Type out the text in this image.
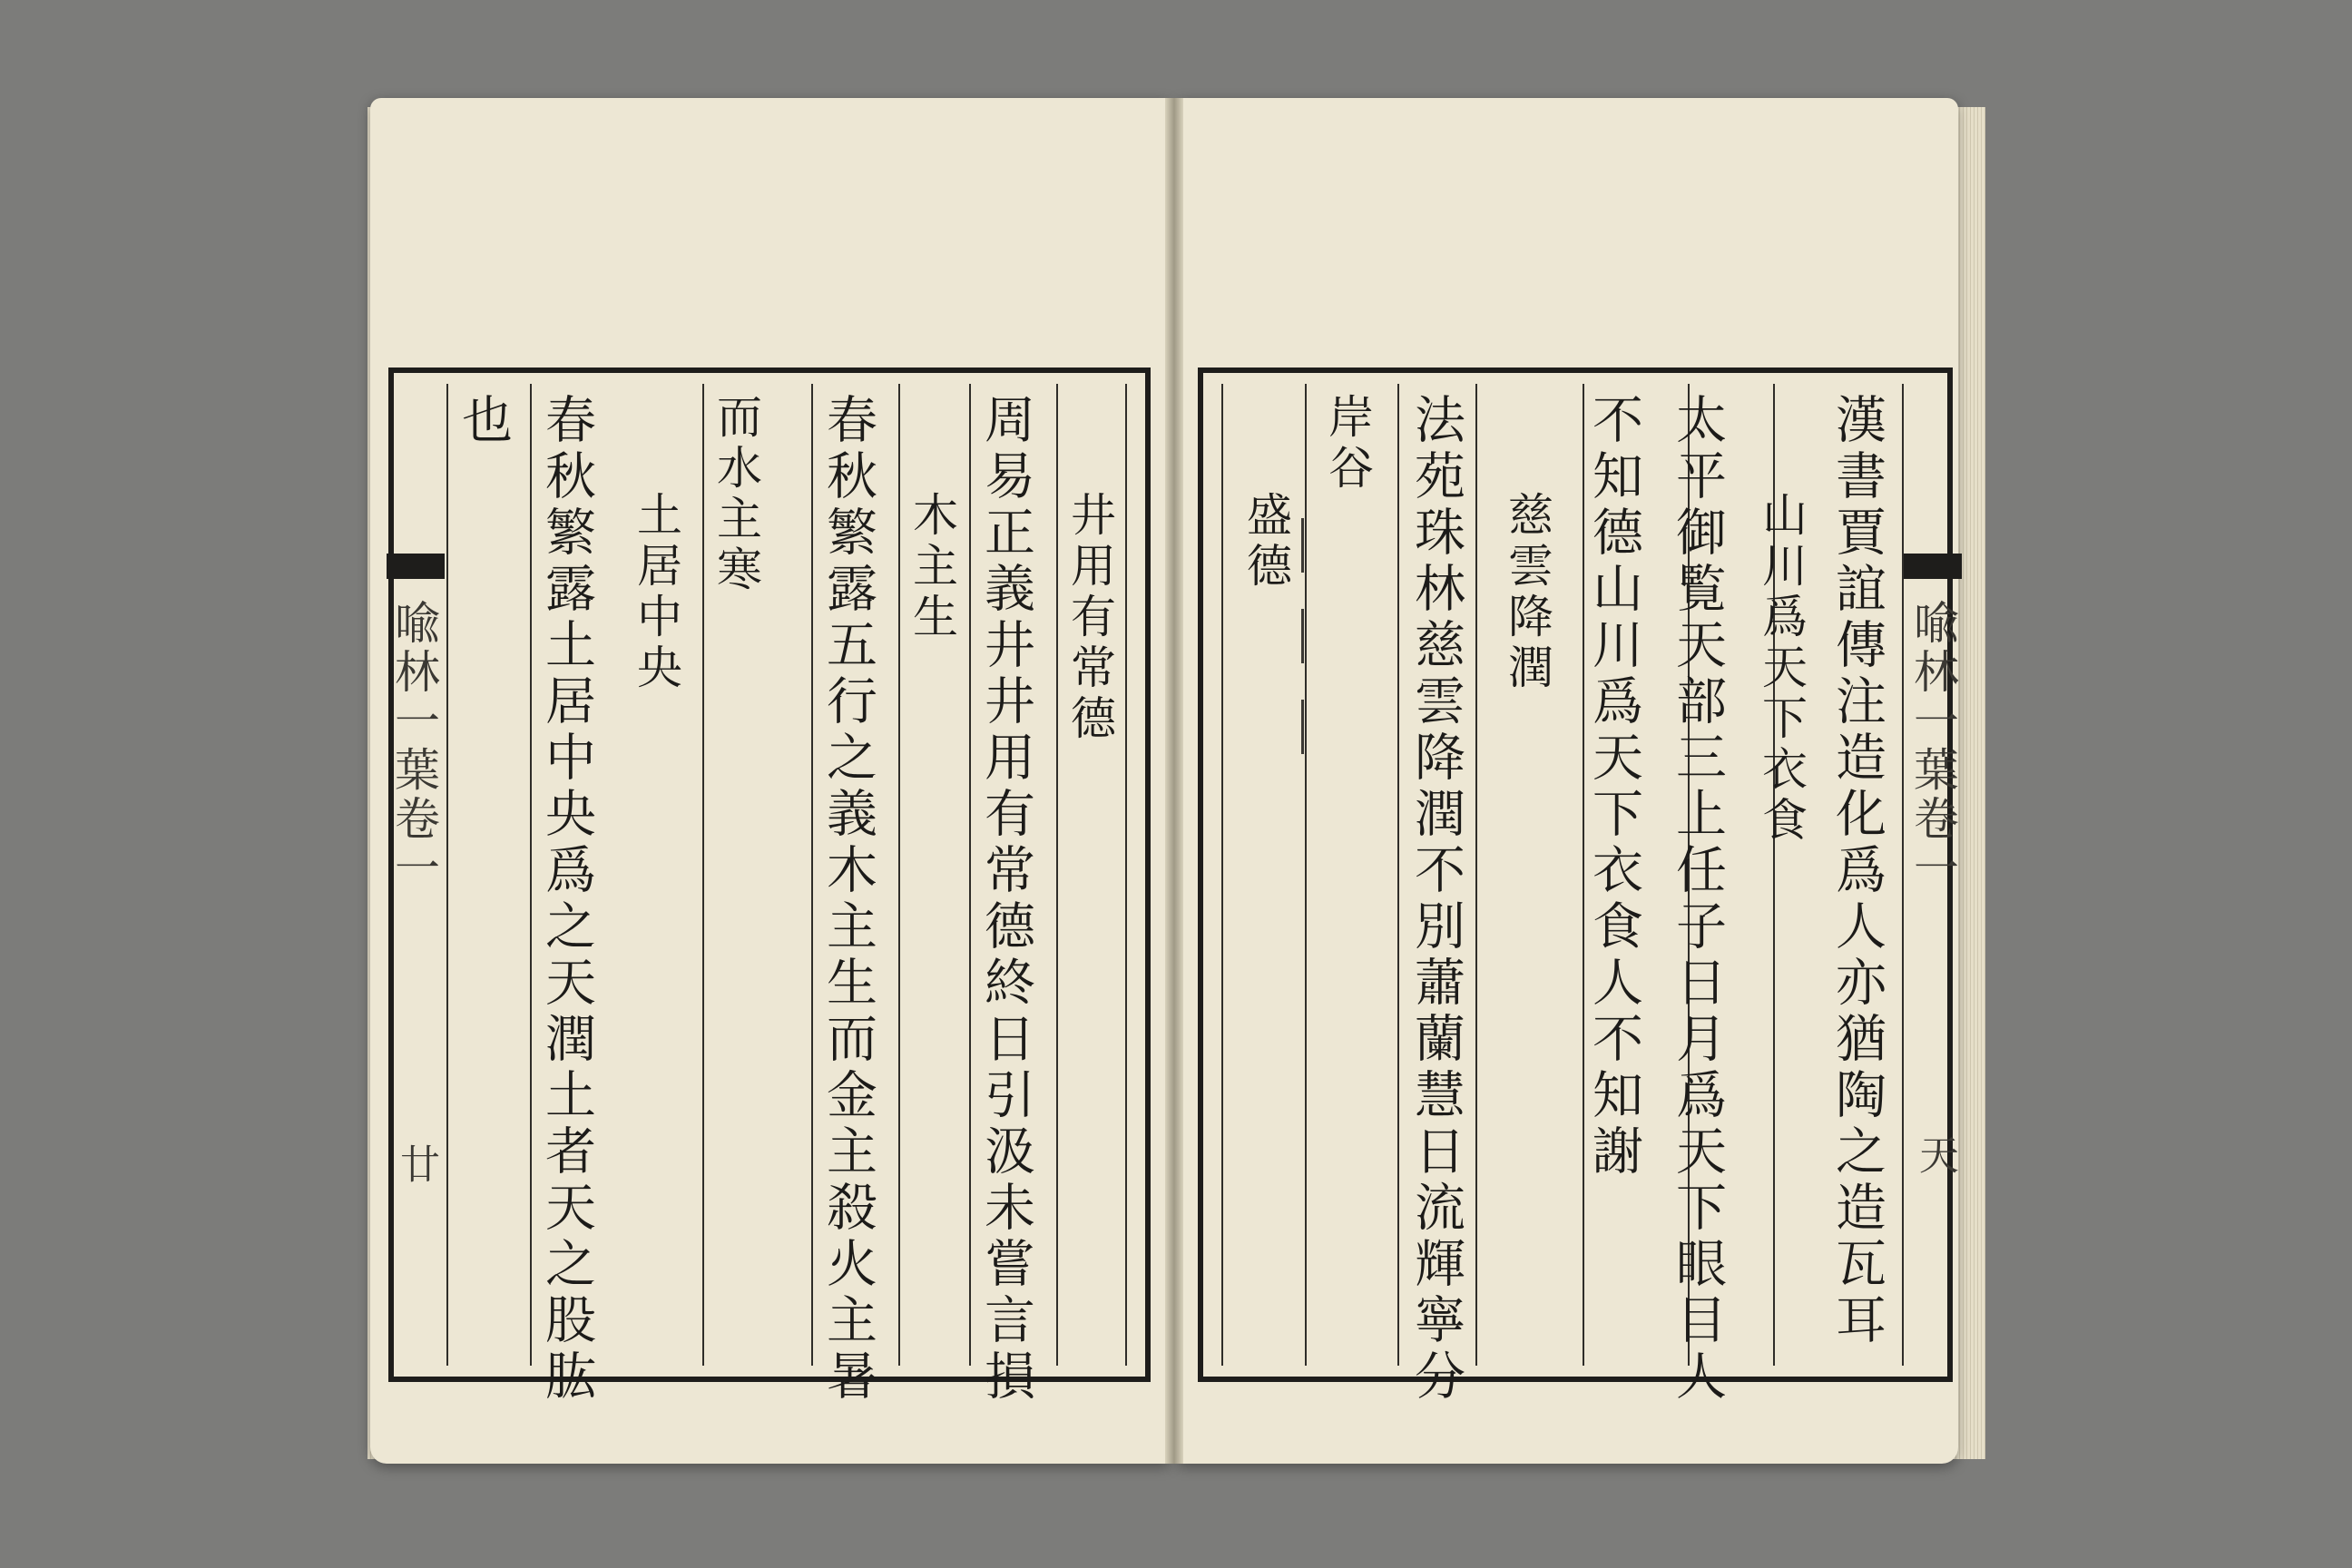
井用有常德
周易正義井井用有常德終日引汲未嘗言損
木主生
春秋繁露五行之義木主生而金主殺火主暑
而水主寒
土居中央
春秋繁露土居中央爲之天潤土者天之股肱
也
喩林一葉卷一
廿	漢書賈誼傳注造化爲人亦猶陶之造瓦耳
山川爲天下衣食
太平御覧天部三上任子日月爲天下眼目人
不知德山川爲天下衣食人不知謝
慈雲降潤
法苑珠林慈雲降潤不別蕭蘭慧日流輝寧分
岸谷
盛德
喩林一葉卷一
天
